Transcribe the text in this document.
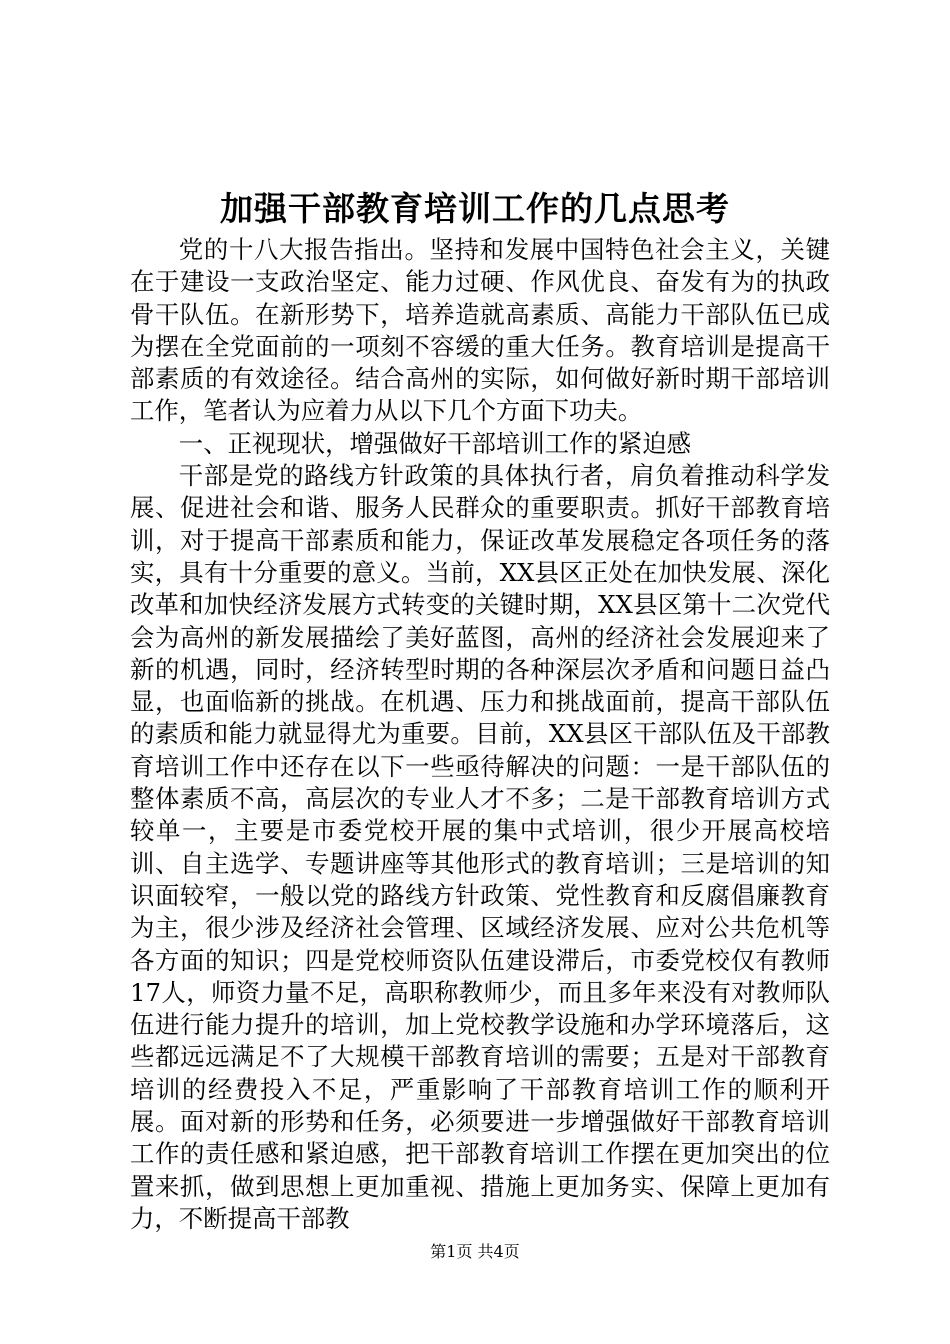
加强干部教育培训工作的几点思考

党的十八大报告指出。坚持和发展中国特色社会主义，关键在于建设一支政治坚定、能力过硬、作风优良、奋发有为的执政骨干队伍。在新形势下，培养造就高素质、高能力干部队伍已成为摆在全党面前的一项刻不容缓的重大任务。教育培训是提高干部素质的有效途径。结合高州的实际，如何做好新时期干部培训工作，笔者认为应着力从以下几个方面下功夫。

一、正视现状，增强做好干部培训工作的紧迫感

干部是党的路线方针政策的具体执行者，肩负着推动科学发展、促进社会和谐、服务人民群众的重要职责。抓好干部教育培训，对于提高干部素质和能力，保证改革发展稳定各项任务的落实，具有十分重要的意义。当前，XX县区正处在加快发展、深化改革和加快经济发展方式转变的关键时期，XX县区第十二次党代会为高州的新发展描绘了美好蓝图，高州的经济社会发展迎来了新的机遇，同时，经济转型时期的各种深层次矛盾和问题日益凸显，也面临新的挑战。在机遇、压力和挑战面前，提高干部队伍的素质和能力就显得尤为重要。目前，XX县区干部队伍及干部教育培训工作中还存在以下一些亟待解决的问题：一是干部队伍的整体素质不高，高层次的专业人才不多；二是干部教育培训方式较单一，主要是市委党校开展的集中式培训，很少开展高校培训、自主选学、专题讲座等其他形式的教育培训；三是培训的知识面较窄，一般以党的路线方针政策、党性教育和反腐倡廉教育为主，很少涉及经济社会管理、区域经济发展、应对公共危机等各方面的知识；四是党校师资队伍建设滞后，市委党校仅有教师17人，师资力量不足，高职称教师少，而且多年来没有对教师队伍进行能力提升的培训，加上党校教学设施和办学环境落后，这些都远远满足不了大规模干部教育培训的需要；五是对干部教育培训的经费投入不足，严重影响了干部教育培训工作的顺利开展。面对新的形势和任务，必须要进一步增强做好干部教育培训工作的责任感和紧迫感，把干部教育培训工作摆在更加突出的位置来抓，做到思想上更加重视、措施上更加务实、保障上更加有力，不断提高干部教

第1页 共4页
